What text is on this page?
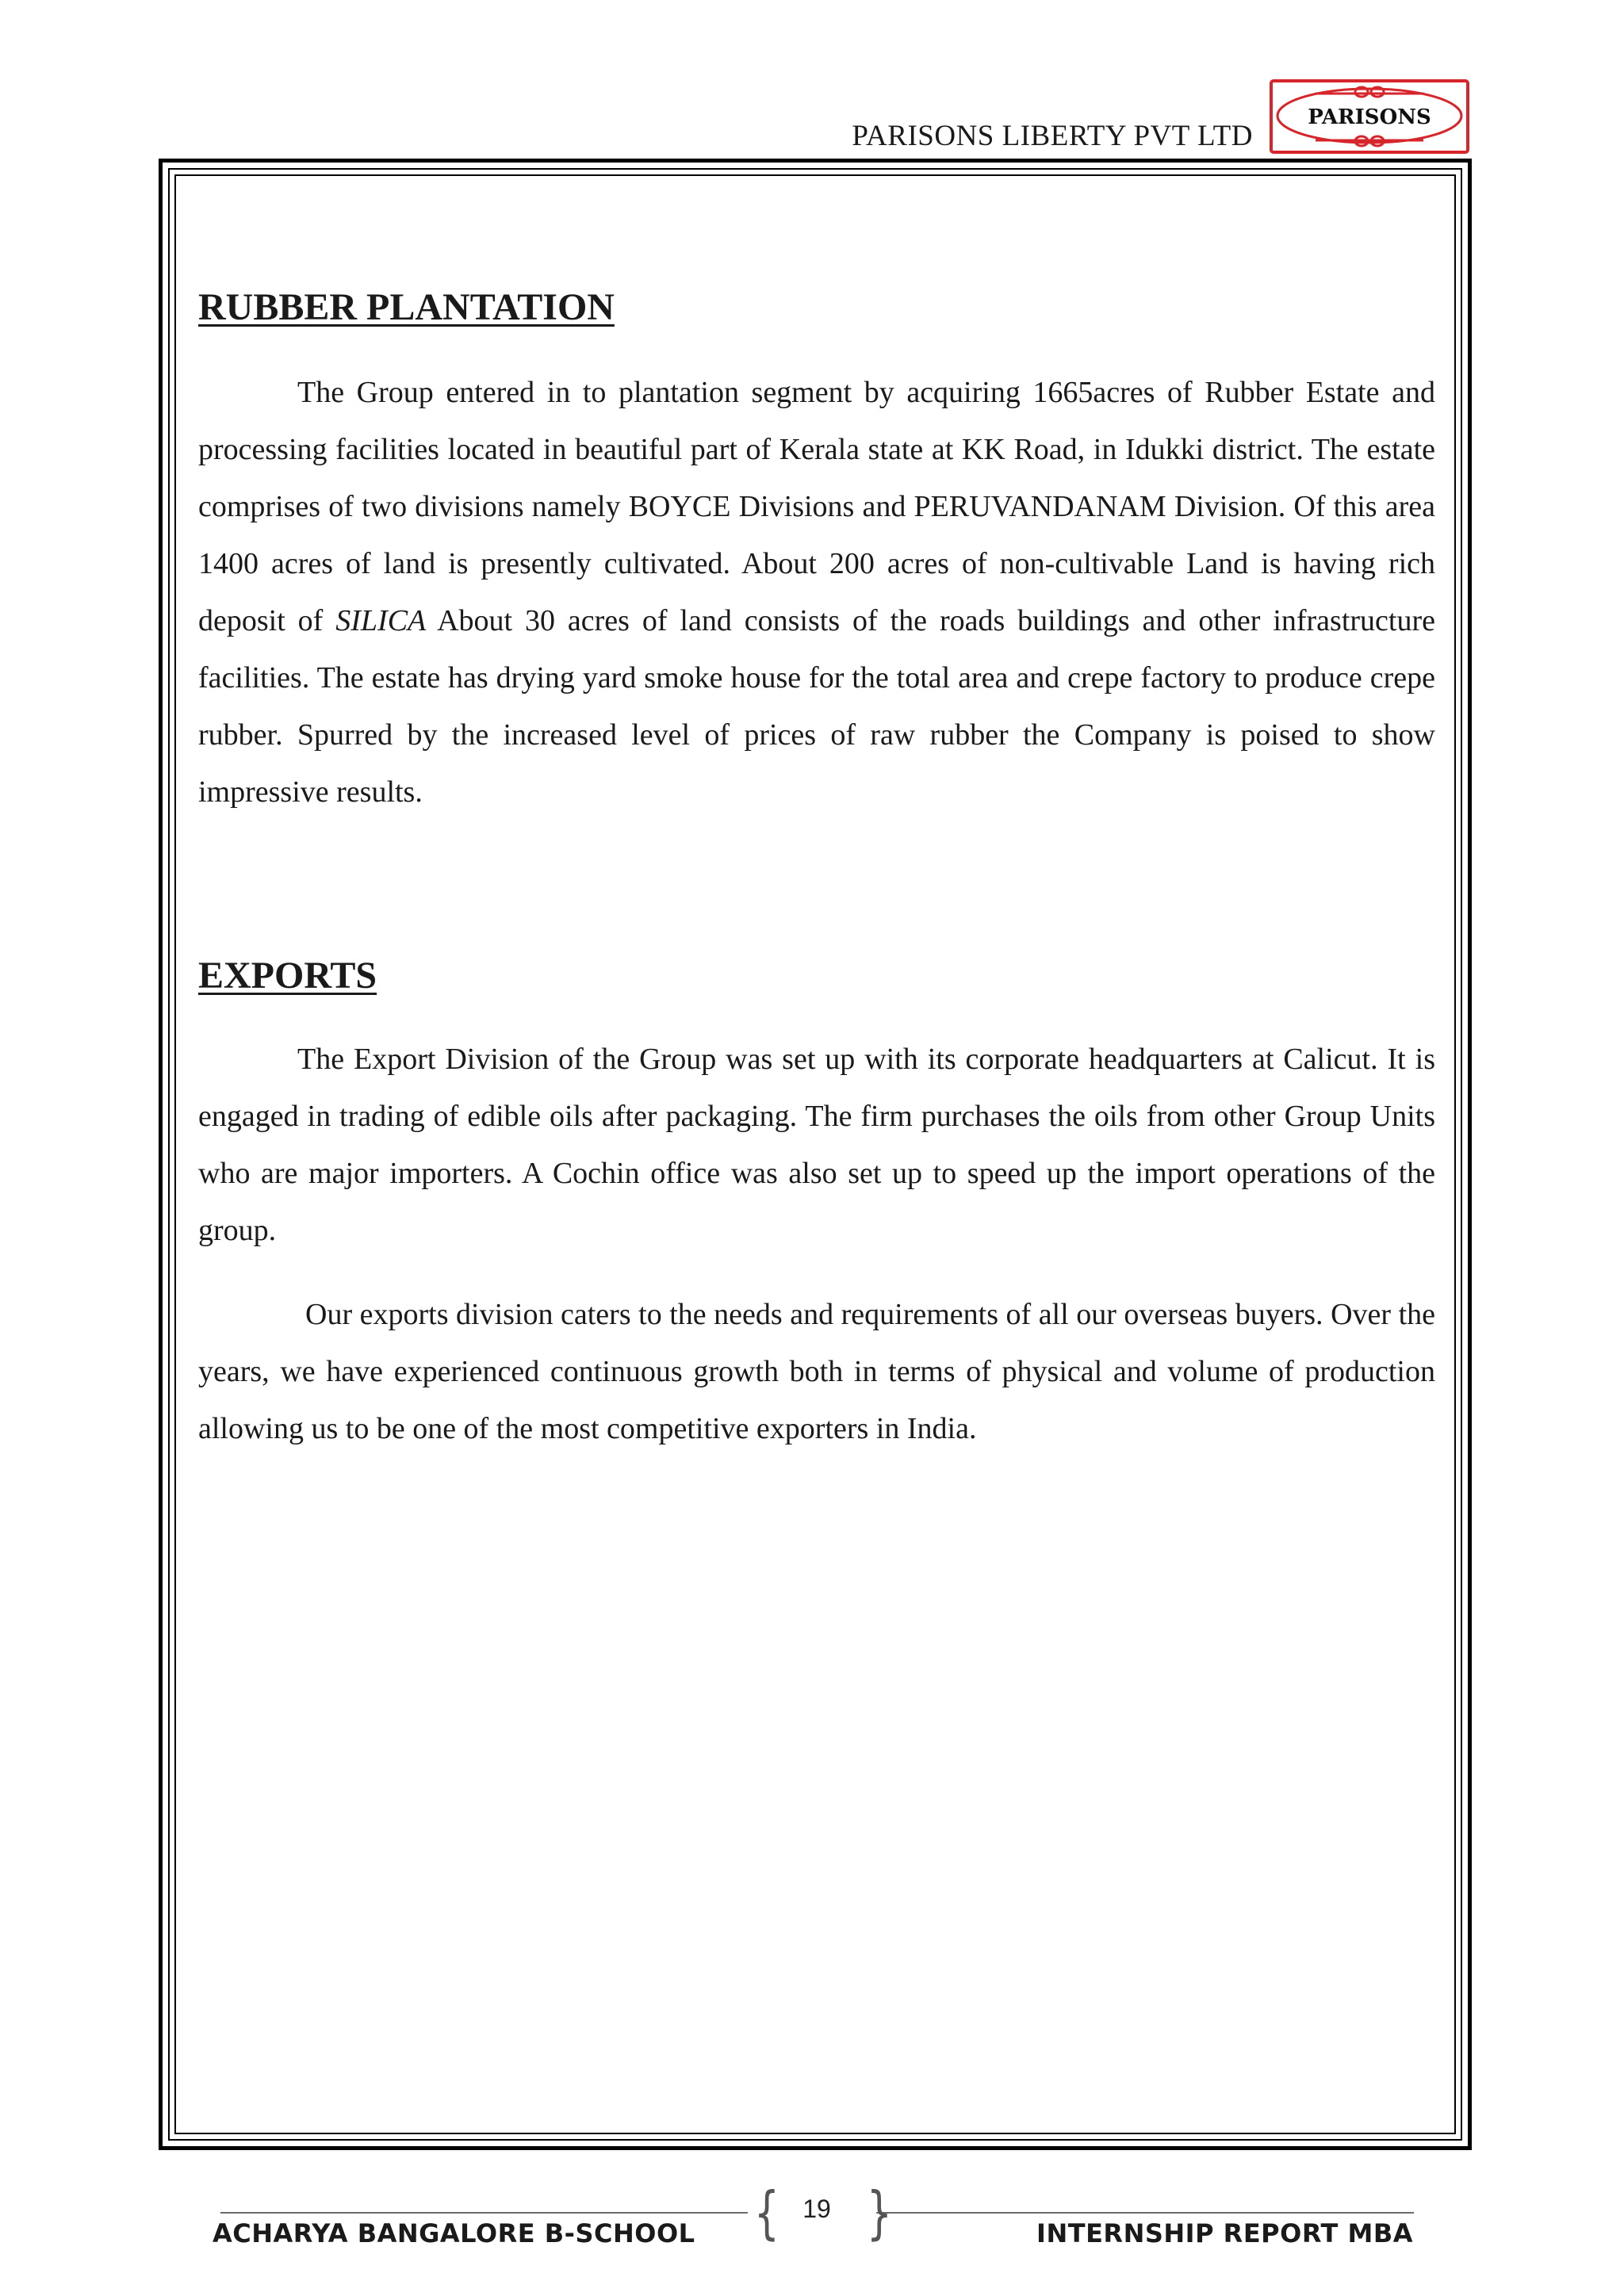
PARISONS LIBERTY PVT LTD
PARISONS
RUBBER PLANTATION

The Group entered in to plantation segment by acquiring 1665acres of Rubber Estate and processing facilities located in beautiful part of Kerala state at KK Road, in Idukki district. The estate comprises of two divisions namely BOYCE Divisions and PERUVANDANAM Division. Of this area 1400 acres of land is presently cultivated. About 200 acres of non-cultivable Land is having rich deposit of SILICA About 30 acres of land consists of the roads buildings and other infrastructure facilities. The estate has drying yard smoke house for the total area and crepe factory to produce crepe rubber. Spurred by the increased level of prices of raw rubber the Company is poised to show impressive results.

EXPORTS

The Export Division of the Group was set up with its corporate headquarters at Calicut. It is engaged in trading of edible oils after packaging. The firm purchases the oils from other Group Units who are major importers. A Cochin office was also set up to speed up the import operations of the group.

Our exports division caters to the needs and requirements of all our overseas buyers. Over the years, we have experienced continuous growth both in terms of physical and volume of production allowing us to be one of the most competitive exporters in India.

{ 19 }
ACHARYA BANGALORE B-SCHOOL	INTERNSHIP REPORT MBA
